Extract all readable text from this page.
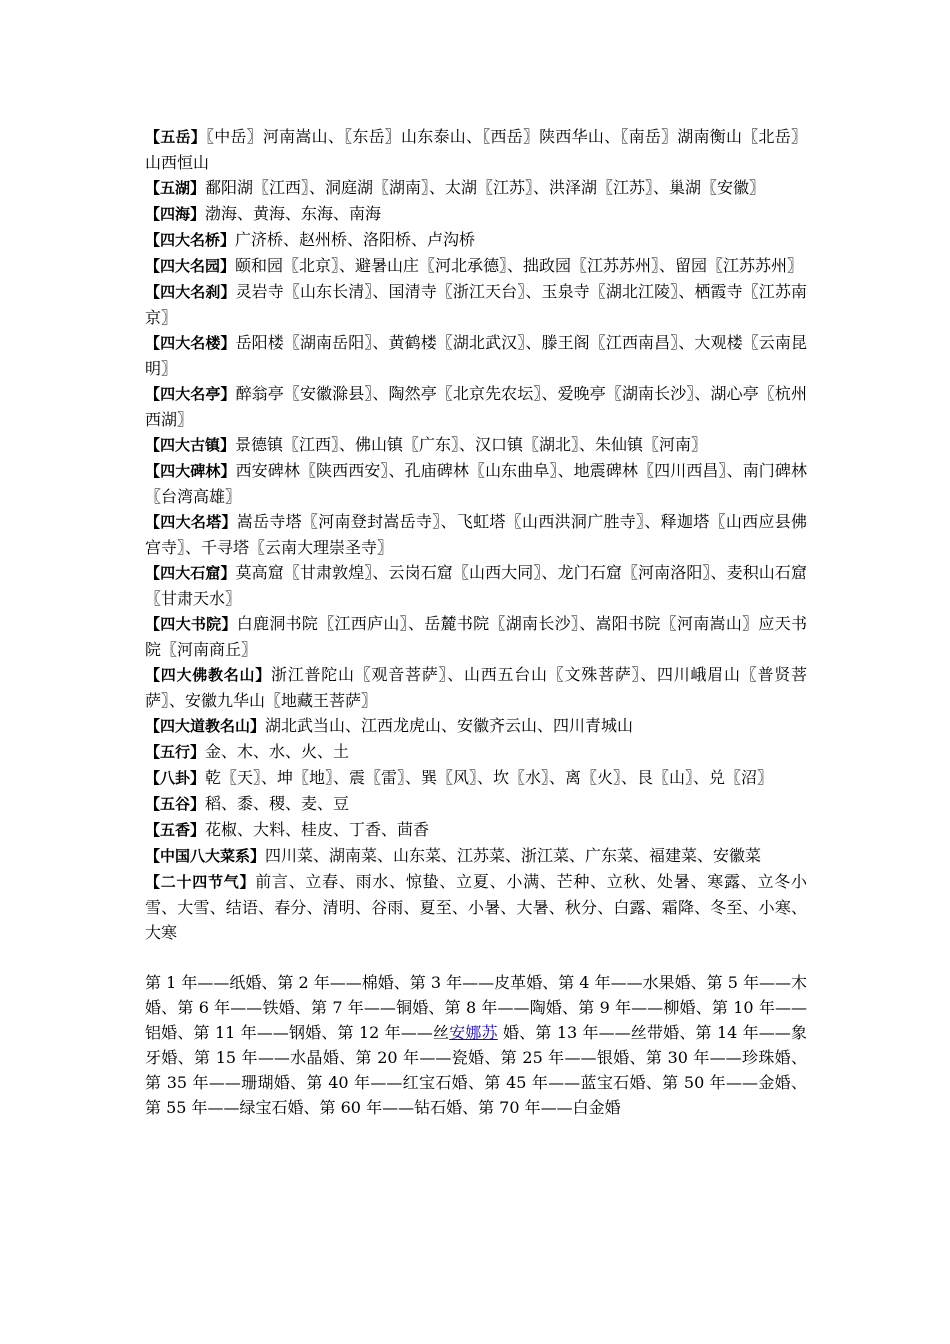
【五岳】〖中岳〗河南嵩山、〖东岳〗山东泰山、〖西岳〗陕西华山、〖南岳〗湖南衡山〖北岳〗山西恒山

【五湖】鄱阳湖〖江西〗、洞庭湖〖湖南〗、太湖〖江苏〗、洪泽湖〖江苏〗、巢湖〖安徽〗

【四海】渤海、黄海、东海、南海

【四大名桥】广济桥、赵州桥、洛阳桥、卢沟桥

【四大名园】颐和园〖北京〗、避暑山庄〖河北承德〗、拙政园〖江苏苏州〗、留园〖江苏苏州〗

【四大名刹】灵岩寺〖山东长清〗、国清寺〖浙江天台〗、玉泉寺〖湖北江陵〗、栖霞寺〖江苏南京〗

【四大名楼】岳阳楼〖湖南岳阳〗、黄鹤楼〖湖北武汉〗、滕王阁〖江西南昌〗、大观楼〖云南昆明〗

【四大名亭】醉翁亭〖安徽滁县〗、陶然亭〖北京先农坛〗、爱晚亭〖湖南长沙〗、湖心亭〖杭州西湖〗

【四大古镇】景德镇〖江西〗、佛山镇〖广东〗、汉口镇〖湖北〗、朱仙镇〖河南〗

【四大碑林】西安碑林〖陕西西安〗、孔庙碑林〖山东曲阜〗、地震碑林〖四川西昌〗、南门碑林〖台湾高雄〗

【四大名塔】嵩岳寺塔〖河南登封嵩岳寺〗、飞虹塔〖山西洪洞广胜寺〗、释迦塔〖山西应县佛宫寺〗、千寻塔〖云南大理崇圣寺〗

【四大石窟】莫高窟〖甘肃敦煌〗、云岗石窟〖山西大同〗、龙门石窟〖河南洛阳〗、麦积山石窟〖甘肃天水〗

【四大书院】白鹿洞书院〖江西庐山〗、岳麓书院〖湖南长沙〗、嵩阳书院〖河南嵩山〗应天书院〖河南商丘〗

【四大佛教名山】浙江普陀山〖观音菩萨〗、山西五台山〖文殊菩萨〗、四川峨眉山〖普贤菩萨〗、安徽九华山〖地藏王菩萨〗

【四大道教名山】湖北武当山、江西龙虎山、安徽齐云山、四川青城山

【五行】金、木、水、火、土

【八卦】乾〖天〗、坤〖地〗、震〖雷〗、巽〖风〗、坎〖水〗、离〖火〗、艮〖山〗、兑〖沼〗

【五谷】稻、黍、稷、麦、豆

【五香】花椒、大料、桂皮、丁香、茴香

【中国八大菜系】四川菜、湖南菜、山东菜、江苏菜、浙江菜、广东菜、福建菜、安徽菜

【二十四节气】前言、立春、雨水、惊蛰、立夏、小满、芒种、立秋、处暑、寒露、立冬小雪、大雪、结语、春分、清明、谷雨、夏至、小暑、大暑、秋分、白露、霜降、冬至、小寒、大寒

第 1 年——纸婚、第 2 年——棉婚、第 3 年——皮革婚、第 4 年——水果婚、第 5 年——木婚、第 6 年——铁婚、第 7 年——铜婚、第 8 年——陶婚、第 9 年——柳婚、第 10 年——铝婚、第 11 年——钢婚、第 12 年——丝安娜苏 婚、第 13 年——丝带婚、第 14 年——象牙婚、第 15 年——水晶婚、第 20 年——瓷婚、第 25 年——银婚、第 30 年——珍珠婚、第 35 年——珊瑚婚、第 40 年——红宝石婚、第 45 年——蓝宝石婚、第 50 年——金婚、第 55 年——绿宝石婚、第 60 年——钻石婚、第 70 年——白金婚
